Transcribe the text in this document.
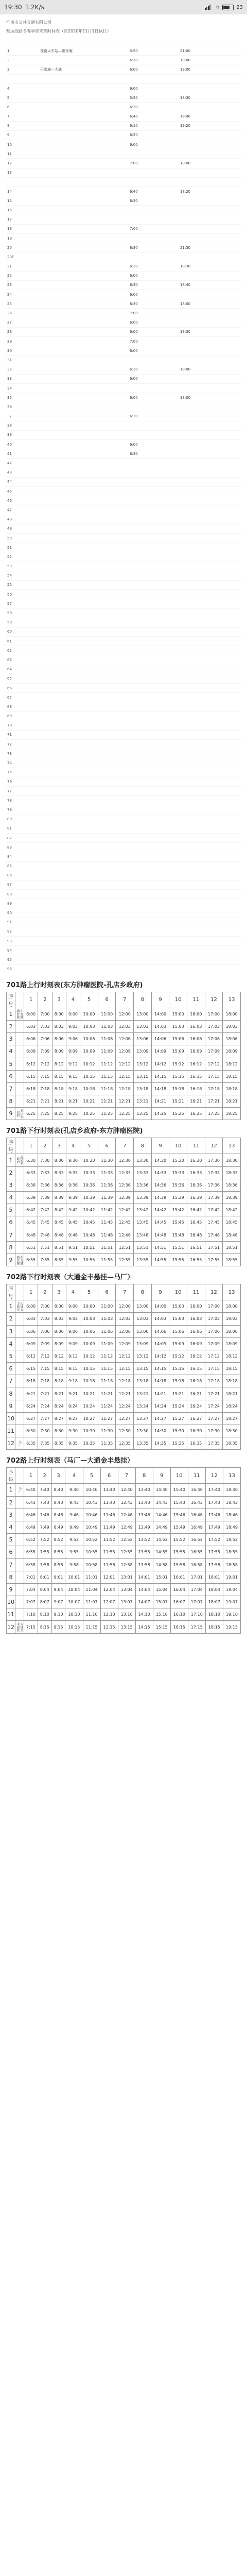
19:30 1.2K/s	≋	23
淮南市公共交通有限公司
营运线路冬春季首末班时间表（自2020年11月1日执行）

1		淮南火车站—田家庵	5:50	21:00
2		…	6:10	19:00
3		田家庵—大通	6:00	19:00

4			6:00	
5			5:50	18:30
6			6:30	
7			6:40	18:40
8			6:10	19:20
9			6:20	
10			6:00	
11				
12			7:00	18:00
13				

14			6:40	18:20
15			6:30	
16				
17				
18			7:00	
19				
20			6:30	21:30
20F				
21			6:30	18:30
22			6:00	
23			6:30	18:40
24			6:00	
25			6:30	18:00
26			7:00	
27			6:00	
28			6:00	18:30
29			7:00	
30			6:00	
31				
32			6:30	18:00
33			6:00	
34				
35			6:00	18:00
36				
37			6:30	
38				
39				
40			6:00	
41			6:30	
42				
43				
44				
45				
46				
47				
48				
49				
50				
51				
52				
53				
54				
55				
56				
57				
58				
59				
60				
61				
62				
63				
64				
65				
66				
67				
68				
69				
70				
71				
72				
73				
74				
75				
76				
77				
78				
79				
80				
81				
82				
83				
84				
85				
86				
87				
88				
89				
90				
91				
92				
93				
94				
95				
96				
701路上行时刻表(东方肿瘤医院-孔店乡政府)
序号		1	2	3	4	5	6	7	8	9	10	11	12	13
1	东方肿瘤医院	6:00	7:00	8:00	9:00	10:00	11:00	12:00	13:00	14:00	15:00	16:00	17:00	18:00
2		6:03	7:03	8:03	9:03	10:03	11:03	12:03	13:03	14:03	15:03	16:03	17:03	18:03
3		6:06	7:06	8:06	9:06	10:06	11:06	12:06	13:06	14:06	15:06	16:06	17:06	18:06
4		6:09	7:09	8:09	9:09	10:09	11:09	12:09	13:09	14:09	15:09	16:09	17:09	18:09
5		6:12	7:12	8:12	9:12	10:12	11:12	12:12	13:12	14:12	15:12	16:12	17:12	18:12
6		6:15	7:15	8:15	9:15	10:15	11:15	12:15	13:15	14:15	15:15	16:15	17:15	18:15
7		6:18	7:18	8:18	9:18	10:18	11:18	12:18	13:18	14:18	15:18	16:18	17:18	18:18
8		6:21	7:21	8:21	9:21	10:21	11:21	12:21	13:21	14:21	15:21	16:21	17:21	18:21
9	孔店乡政府	6:25	7:25	8:25	9:25	10:25	11:25	12:25	13:25	14:25	15:25	16:25	17:25	18:25
701路下行时刻表(孔店乡政府-东方肿瘤医院)
序号		1	2	3	4	5	6	7	8	9	10	11	12	13
1	孔店乡政府	6:30	7:30	8:30	9:30	10:30	11:30	12:30	13:30	14:30	15:30	16:30	17:30	18:30
2		6:33	7:33	8:33	9:33	10:33	11:33	12:33	13:33	14:33	15:33	16:33	17:33	18:33
3		6:36	7:36	8:36	9:36	10:36	11:36	12:36	13:36	14:36	15:36	16:36	17:36	18:36
4		6:39	7:39	8:39	9:39	10:39	11:39	12:39	13:39	14:39	15:39	16:39	17:39	18:39
5		6:42	7:42	8:42	9:42	10:42	11:42	12:42	13:42	14:42	15:42	16:42	17:42	18:42
6		6:45	7:45	8:45	9:45	10:45	11:45	12:45	13:45	14:45	15:45	16:45	17:45	18:45
7		6:48	7:48	8:48	9:48	10:48	11:48	12:48	13:48	14:48	15:48	16:48	17:48	18:48
8		6:51	7:51	8:51	9:51	10:51	11:51	12:51	13:51	14:51	15:51	16:51	17:51	18:51
9	东方肿瘤医院	6:55	7:55	8:55	9:55	10:55	11:55	12:55	13:55	14:55	15:55	16:55	17:55	18:55
702路下行时刻表（大通金丰悬挂—马厂）
序号		1	2	3	4	5	6	7	8	9	10	11	12	13
1	大通金丰悬挂	6:00	7:00	8:00	9:00	10:00	11:00	12:00	13:00	14:00	15:00	16:00	17:00	18:00
2		6:03	7:03	8:03	9:03	10:03	11:03	12:03	13:03	14:03	15:03	16:03	17:03	18:03
3		6:06	7:06	8:06	9:06	10:06	11:06	12:06	13:06	14:06	15:06	16:06	17:06	18:06
4		6:09	7:09	8:09	9:09	10:09	11:09	12:09	13:09	14:09	15:09	16:09	17:09	18:09
5		6:12	7:12	8:12	9:12	10:12	11:12	12:12	13:12	14:12	15:12	16:12	17:12	18:12
6		6:15	7:15	8:15	9:15	10:15	11:15	12:15	13:15	14:15	15:15	16:15	17:15	18:15
7		6:18	7:18	8:18	9:18	10:18	11:18	12:18	13:18	14:18	15:18	16:18	17:18	18:18
8		6:21	7:21	8:21	9:21	10:21	11:21	12:21	13:21	14:21	15:21	16:21	17:21	18:21
9		6:24	7:24	8:24	9:24	10:24	11:24	12:24	13:24	14:24	15:24	16:24	17:24	18:24
10		6:27	7:27	8:27	9:27	10:27	11:27	12:27	13:27	14:27	15:27	16:27	17:27	18:27
11		6:30	7:30	8:30	9:30	10:30	11:30	12:30	13:30	14:30	15:30	16:30	17:30	18:30
12	马厂	6:35	7:35	8:35	9:35	10:35	11:35	12:35	13:35	14:35	15:35	16:35	17:35	18:35
702路上行时刻表（马厂—大通金丰悬挂）
序号		1	2	3	4	5	6	7	8	9	10	11	12	13
1	马厂	6:40	7:40	8:40	9:40	10:40	11:40	12:40	13:40	14:40	15:40	16:40	17:40	18:40
2		6:43	7:43	8:43	9:43	10:43	11:43	12:43	13:43	14:43	15:43	16:43	17:43	18:43
3		6:46	7:46	8:46	9:46	10:46	11:46	12:46	13:46	14:46	15:46	16:46	17:46	18:46
4		6:49	7:49	8:49	9:49	10:49	11:49	12:49	13:49	14:49	15:49	16:49	17:49	18:49
5		6:52	7:52	8:52	9:52	10:52	11:52	12:52	13:52	14:52	15:52	16:52	17:52	18:52
6		6:55	7:55	8:55	9:55	10:55	11:55	12:55	13:55	14:55	15:55	16:55	17:55	18:55
7		6:58	7:58	8:58	9:58	10:58	11:58	12:58	13:58	14:58	15:58	16:58	17:58	18:58
8		7:01	8:01	9:01	10:01	11:01	12:01	13:01	14:01	15:01	16:01	17:01	18:01	19:01
9		7:04	8:04	9:04	10:04	11:04	12:04	13:04	14:04	15:04	16:04	17:04	18:04	19:04
10		7:07	8:07	9:07	10:07	11:07	12:07	13:07	14:07	15:07	16:07	17:07	18:07	19:07
11		7:10	8:10	9:10	10:10	11:10	12:10	13:10	14:10	15:10	16:10	17:10	18:10	19:10
12	大通金丰悬挂	7:15	8:15	9:15	10:15	11:15	12:15	13:15	14:15	15:15	16:15	17:15	18:15	19:15
